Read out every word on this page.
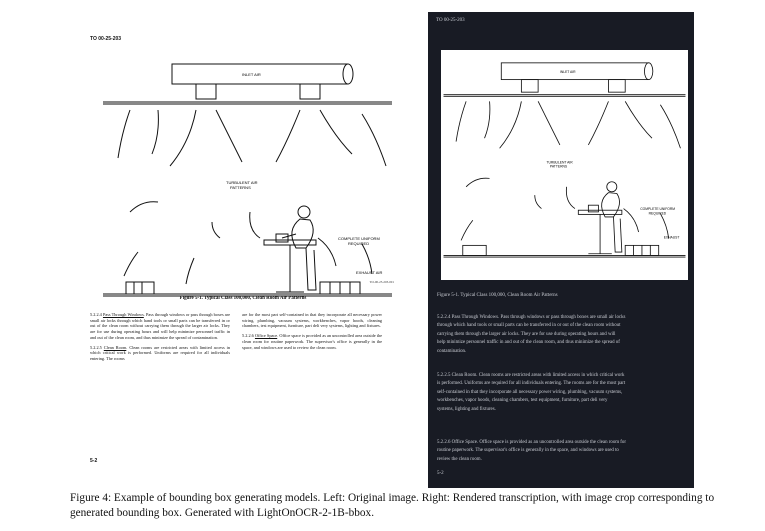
TO 00-25-203
INLET AIR
TURBULENT AIR
PATTERNS
COMPLETE UNIFORM
REQUIRED
EXHAUST AIR
TO-00-25-203-001
Figure 5-1. Typical Class 100,000, Clean Room Air Patterns

5.2.2.4 Pass Through Windows. Pass through windows or pass through boxes are small air locks through which hand tools or small parts can be transferred in or out of the clean room without carrying them through the larger air locks. They are for use during operating hours and will help minimize personnel traffic in and out of the clean room, and thus minimize the spread of contamination.

5.2.2.5 Clean Room. Clean rooms are restricted areas with limited access in which critical work is performed. Uniforms are required for all individuals entering. The rooms

are for the most part self-contained in that they incorporate all necessary power wiring, plumbing, vacuum systems, workbenches, vapor hoods, cleaning chambers, test equipment, furniture, part deli very systems, lighting and fixtures.

5.2.2.6 Office Space. Office space is provided as an uncontrolled area outside the clean room for routine paperwork. The supervisor's office is generally in the space, and windows are used to review the clean room.

5-2
TO 00-25-203
INLET AIR
TURBULENT AIR
PATTERNS
COMPLETE UNIFORM
REQUIRED
EXHAUST
Figure 5-1. Typical Class 100,000, Clean Room Air Patterns
5.2.2.4 Pass Through Windows. Pass through windows or pass through boxes are small air locks
through which hand tools or small parts can be transferred in or out of the clean room without
carrying them through the larger air locks. They are for use during operating hours and will
help minimize personnel traffic in and out of the clean room, and thus minimize the spread of
contamination.
5.2.2.5 Clean Room. Clean rooms are restricted areas with limited access in which critical work
is performed. Uniforms are required for all individuals entering. The rooms are for the most part
self-contained in that they incorporate all necessary power wiring, plumbing, vacuum systems,
workbenches, vapor hoods, cleaning chambers, test equipment, furniture, part deli very
systems, lighting and fixtures.
5.2.2.6 Office Space. Office space is provided as an uncontrolled area outside the clean room for
routine paperwork. The supervisor's office is generally in the space, and windows are used to
review the clean room.
5-2
Figure 4: Example of bounding box generating models. Left: Original image. Right: Rendered transcription, with image crop corresponding to generated bounding box. Generated with LightOnOCR-2-1B-bbox.
